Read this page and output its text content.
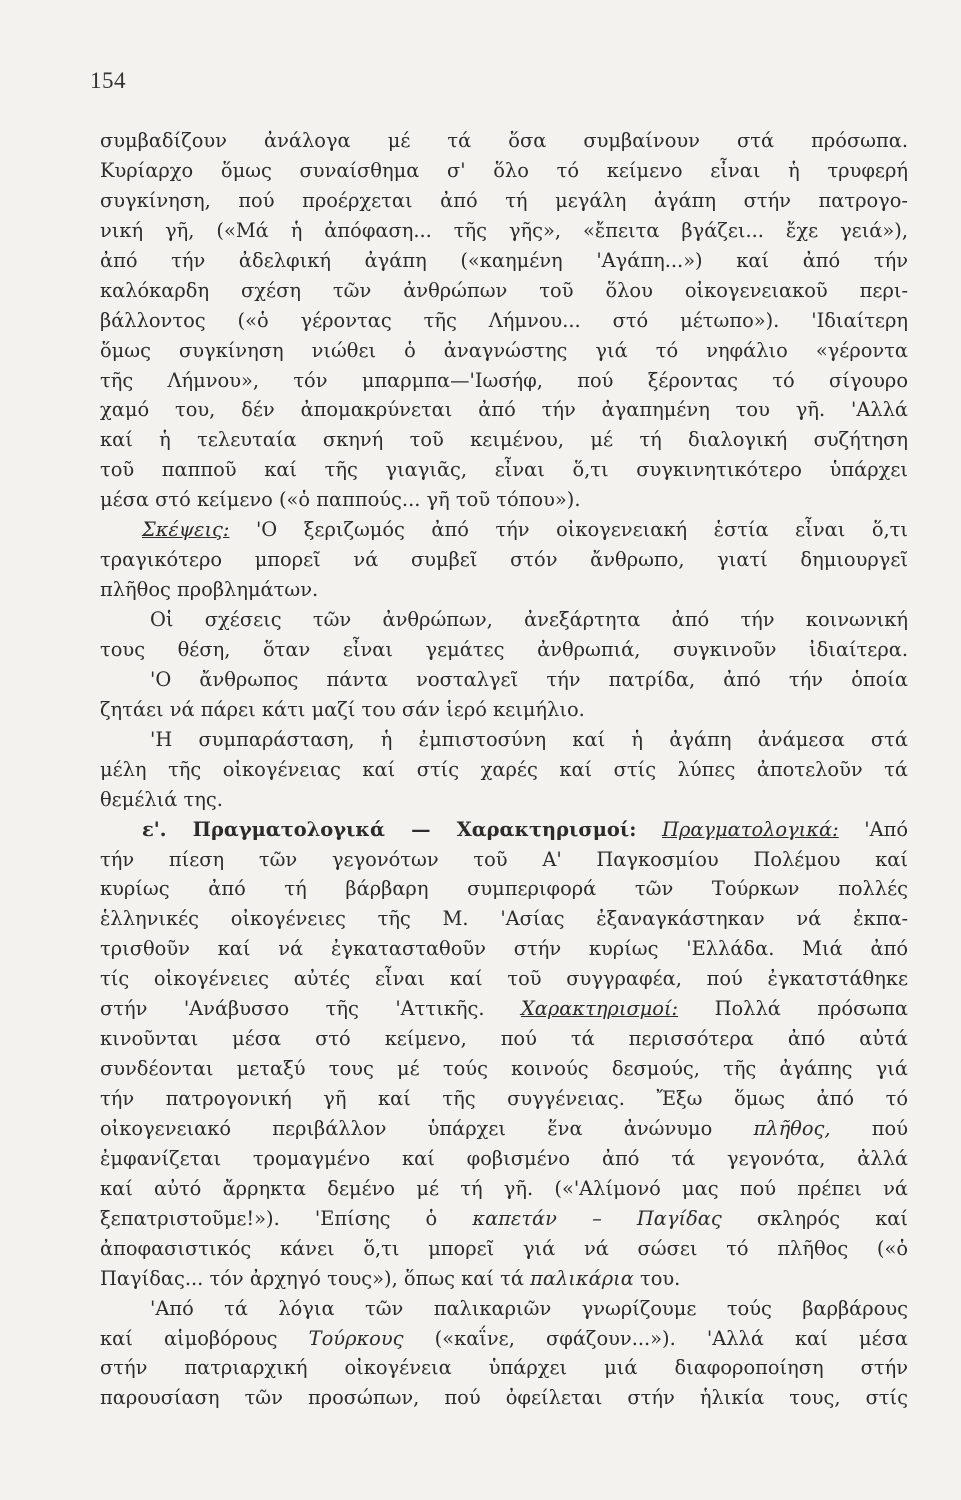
154
συμβαδίζουν ἀνάλογα μέ τά ὅσα συμβαίνουν στά πρόσωπα.
Κυρίαρχο ὅμως συναίσθημα σ' ὅλο τό κείμενο εἶναι ἡ τρυφερή
συγκίνηση, πού προέρχεται ἀπό τή μεγάλη ἀγάπη στήν πατρογο-
νική γῆ, («Μά ἡ ἀπόφαση... τῆς γῆς», «ἔπειτα βγάζει... ἔχε γειά»),
ἀπό τήν ἀδελφική ἀγάπη («καημένη 'Αγάπη...») καί ἀπό τήν
καλόκαρδη σχέση τῶν ἀνθρώπων τοῦ ὅλου οἰκογενειακοῦ περι-
βάλλοντος («ὁ γέροντας τῆς Λήμνου... στό μέτωπο»). 'Ιδιαίτερη
ὅμως συγκίνηση νιώθει ὁ ἀναγνώστης γιά τό νηφάλιο «γέροντα
τῆς Λήμνου», τόν μπαρμπα—'Ιωσήφ, πού ξέροντας τό σίγουρο
χαμό του, δέν ἀπομακρύνεται ἀπό τήν ἀγαπημένη του γῆ. 'Αλλά
καί ἡ τελευταία σκηνή τοῦ κειμένου, μέ τή διαλογική συζήτηση
τοῦ παπποῦ καί τῆς γιαγιᾶς, εἶναι ὅ,τι συγκινητικότερο ὑπάρχει
μέσα στό κείμενο («ὁ παππούς... γῆ τοῦ τόπου»).
Σκέψεις: 'Ο ξεριζωμός ἀπό τήν οἰκογενειακή ἑστία εἶναι ὅ,τι
τραγικότερο μπορεῖ νά συμβεῖ στόν ἄνθρωπο, γιατί δημιουργεῖ
πλῆθος προβλημάτων.
Οἱ σχέσεις τῶν ἀνθρώπων, ἀνεξάρτητα ἀπό τήν κοινωνική
τους θέση, ὅταν εἶναι γεμάτες ἀνθρωπιά, συγκινοῦν ἰδιαίτερα.
'Ο ἄνθρωπος πάντα νοσταλγεῖ τήν πατρίδα, ἀπό τήν ὁποία
ζητάει νά πάρει κάτι μαζί του σάν ἱερό κειμήλιο.
'Η συμπαράσταση, ἡ ἐμπιστοσύνη καί ἡ ἀγάπη ἀνάμεσα στά
μέλη τῆς οἰκογένειας καί στίς χαρές καί στίς λύπες ἀποτελοῦν τά
θεμέλιά της.
ε'. Πραγματολογικά — Χαρακτηρισμοί: Πραγματολογικά: 'Από
τήν πίεση τῶν γεγονότων τοῦ Α' Παγκοσμίου Πολέμου καί
κυρίως ἀπό τή βάρβαρη συμπεριφορά τῶν Τούρκων πολλές
ἑλληνικές οἰκογένειες τῆς Μ. 'Ασίας ἐξαναγκάστηκαν νά ἐκπα-
τρισθοῦν καί νά ἐγκατασταθοῦν στήν κυρίως 'Ελλάδα. Μιά ἀπό
τίς οἰκογένειες αὐτές εἶναι καί τοῦ συγγραφέα, πού ἐγκατστάθηκε
στήν 'Ανάβυσσο τῆς 'Αττικῆς. Χαρακτηρισμοί: Πολλά πρόσωπα
κινοῦνται μέσα στό κείμενο, πού τά περισσότερα ἀπό αὐτά
συνδέονται μεταξύ τους μέ τούς κοινούς δεσμούς, τῆς ἀγάπης γιά
τήν πατρογονική γῆ καί τῆς συγγένειας. Ἔξω ὅμως ἀπό τό
οἰκογενειακό περιβάλλον ὑπάρχει ἕνα ἀνώνυμο πλῆθος, πού
ἐμφανίζεται τρομαγμένο καί φοβισμένο ἀπό τά γεγονότα, ἀλλά
καί αὐτό ἄρρηκτα δεμένο μέ τή γῆ. («'Αλίμονό μας πού πρέπει νά
ξεπατριστοῦμε!»). 'Επίσης ὁ καπετάν – Παγίδας σκληρός καί
ἀποφασιστικός κάνει ὅ,τι μπορεῖ γιά νά σώσει τό πλῆθος («ὁ
Παγίδας... τόν ἀρχηγό τους»), ὅπως καί τά παλικάρια του.
'Από τά λόγια τῶν παλικαριῶν γνωρίζουμε τούς βαρβάρους
καί αἱμοβόρους Τούρκους («καΐνε, σφάζουν...»). 'Αλλά καί μέσα
στήν πατριαρχική οἰκογένεια ὑπάρχει μιά διαφοροποίηση στήν
παρουσίαση τῶν προσώπων, πού ὀφείλεται στήν ἡλικία τους, στίς
